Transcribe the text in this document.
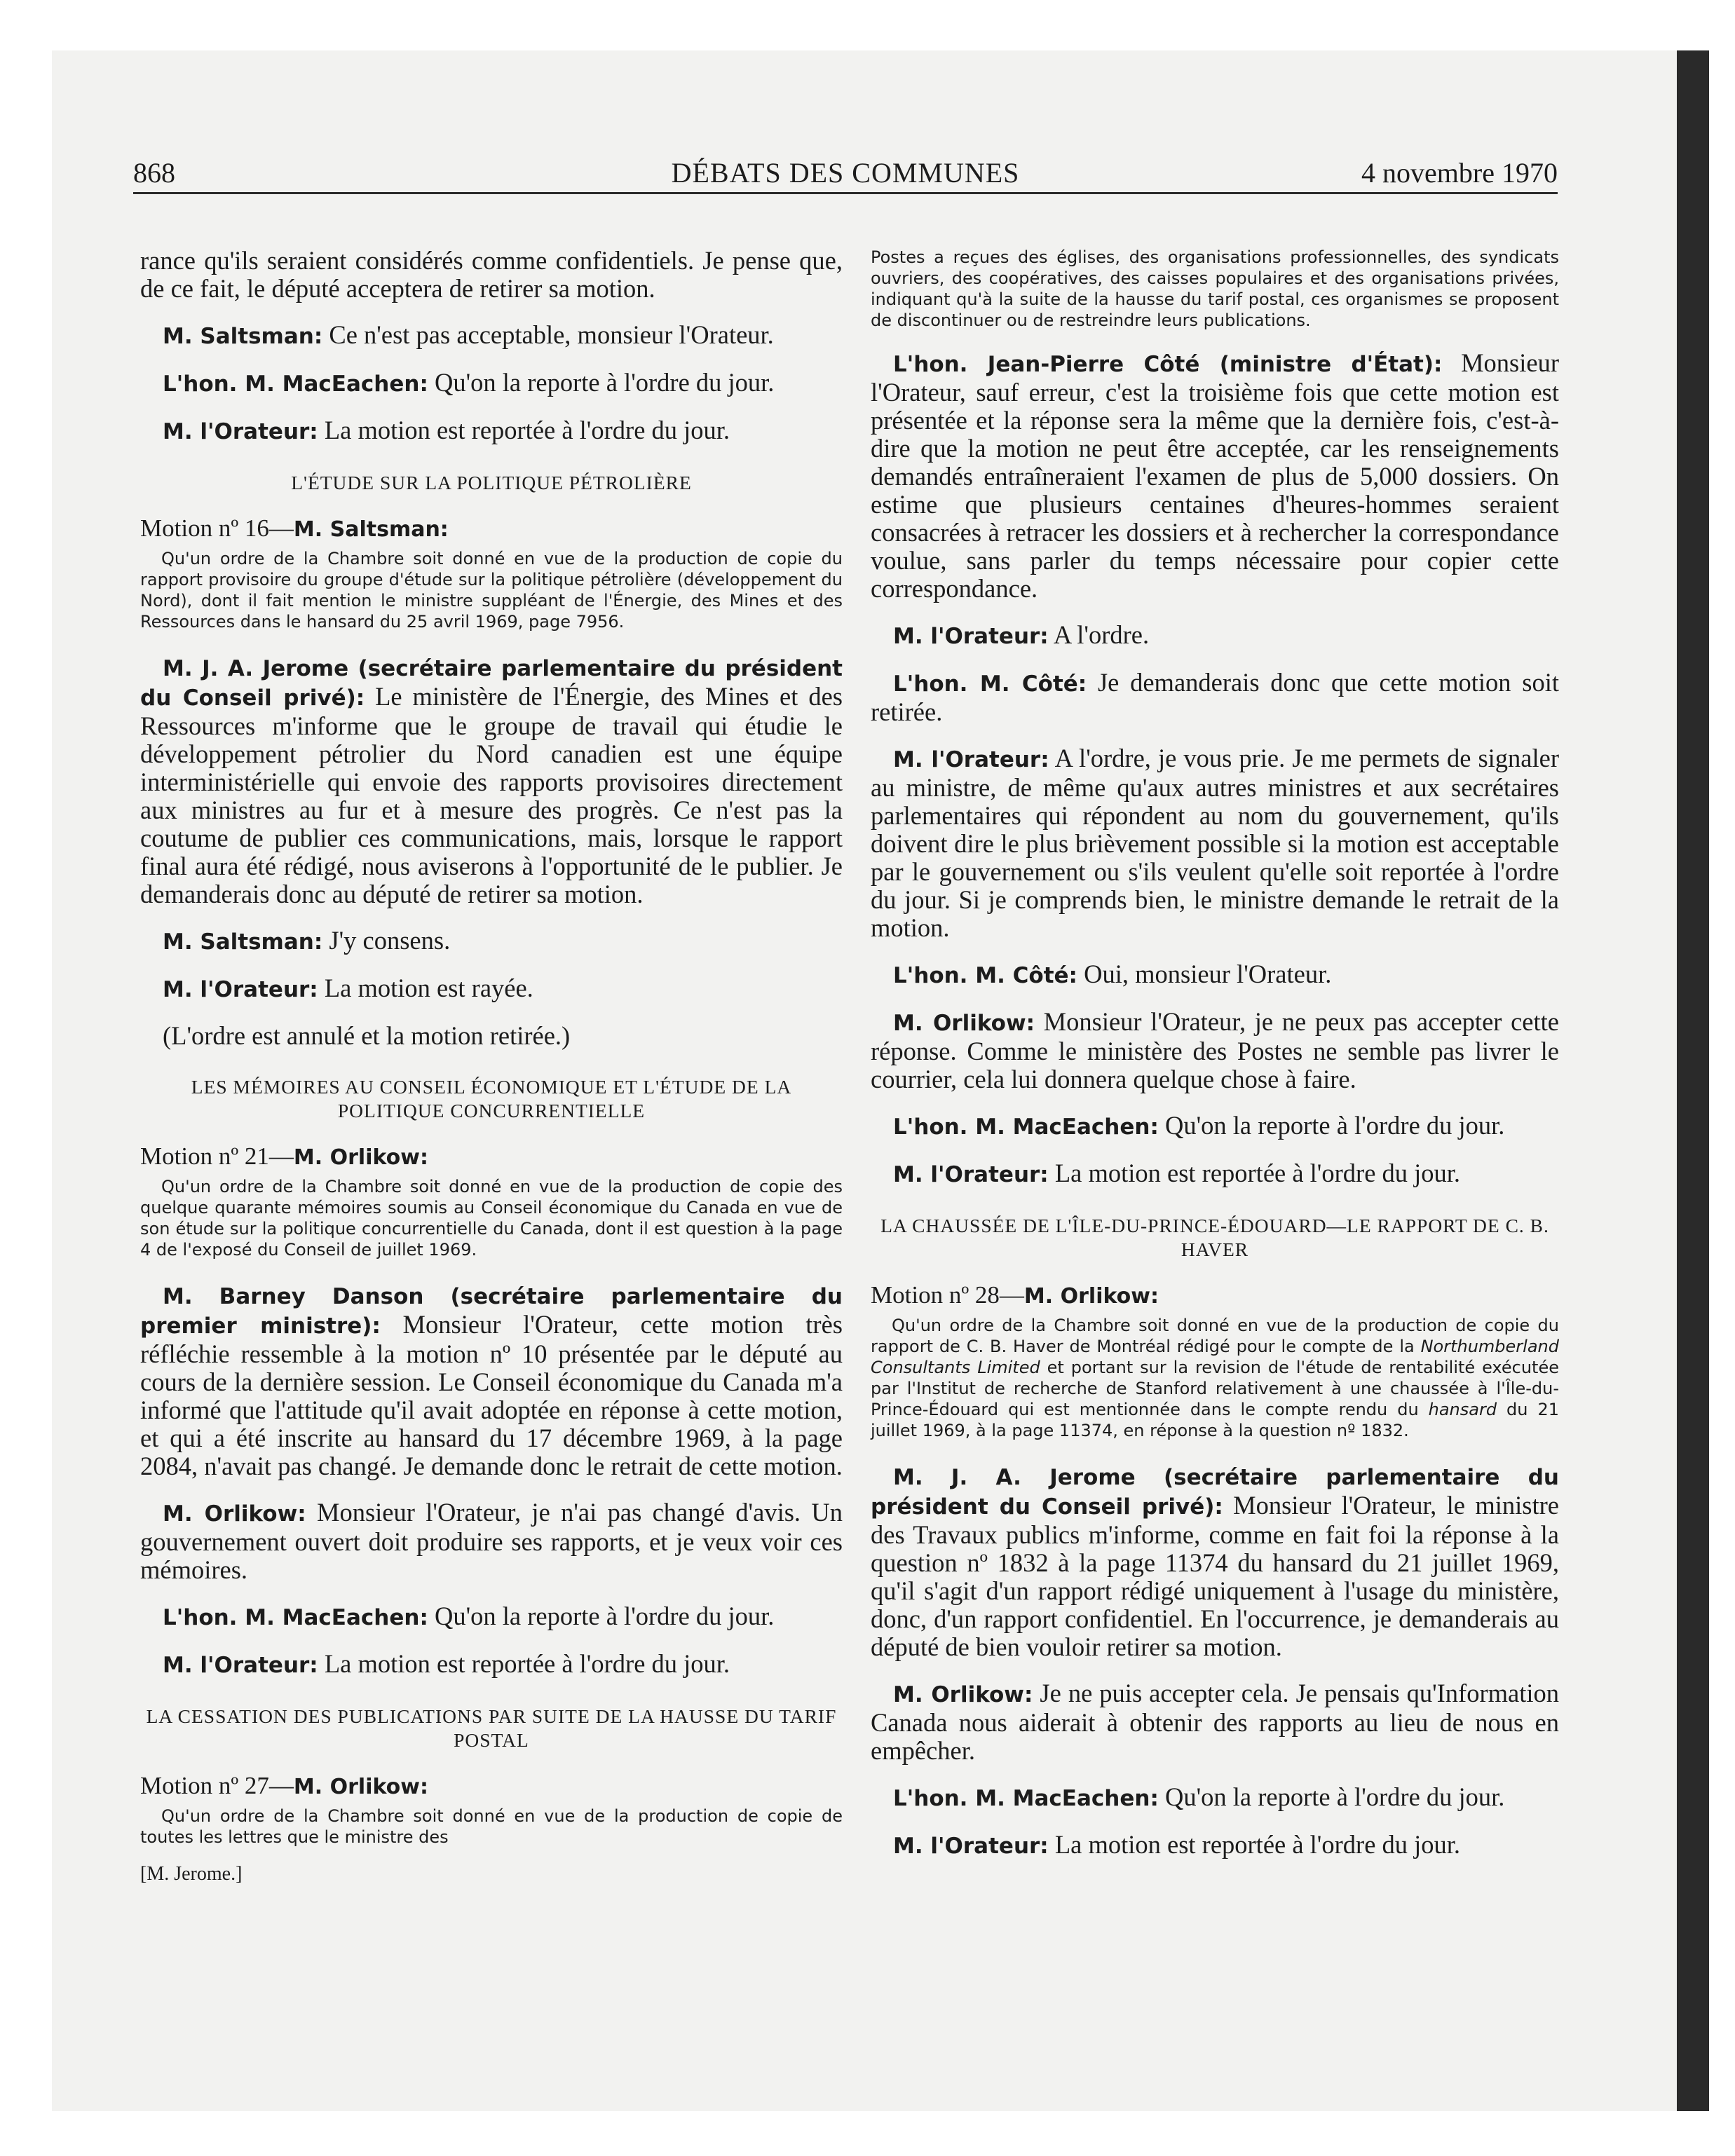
868	DÉBATS DES COMMUNES	4 novembre 1970

rance qu'ils seraient considérés comme confidentiels. Je pense que, de ce fait, le député acceptera de retirer sa motion.

M. Saltsman: Ce n'est pas acceptable, monsieur l'Orateur.

L'hon. M. MacEachen: Qu'on la reporte à l'ordre du jour.

M. l'Orateur: La motion est reportée à l'ordre du jour.

L'ÉTUDE SUR LA POLITIQUE PÉTROLIÈRE

Motion nº 16—M. Saltsman:

Qu'un ordre de la Chambre soit donné en vue de la production de copie du rapport provisoire du groupe d'étude sur la politique pétrolière (développement du Nord), dont il fait mention le ministre suppléant de l'Énergie, des Mines et des Ressources dans le hansard du 25 avril 1969, page 7956.

M. J. A. Jerome (secrétaire parlementaire du président du Conseil privé): Le ministère de l'Énergie, des Mines et des Ressources m'informe que le groupe de travail qui étudie le développement pétrolier du Nord canadien est une équipe interministérielle qui envoie des rapports provisoires directement aux ministres au fur et à mesure des progrès. Ce n'est pas la coutume de publier ces communications, mais, lorsque le rapport final aura été rédigé, nous aviserons à l'opportunité de le publier. Je demanderais donc au député de retirer sa motion.

M. Saltsman: J'y consens.

M. l'Orateur: La motion est rayée.

(L'ordre est annulé et la motion retirée.)

LES MÉMOIRES AU CONSEIL ÉCONOMIQUE ET L'ÉTUDE DE LA POLITIQUE CONCURRENTIELLE

Motion nº 21—M. Orlikow:

Qu'un ordre de la Chambre soit donné en vue de la production de copie des quelque quarante mémoires soumis au Conseil économique du Canada en vue de son étude sur la politique concurrentielle du Canada, dont il est question à la page 4 de l'exposé du Conseil de juillet 1969.

M. Barney Danson (secrétaire parlementaire du premier ministre): Monsieur l'Orateur, cette motion très réfléchie ressemble à la motion nº 10 présentée par le député au cours de la dernière session. Le Conseil économique du Canada m'a informé que l'attitude qu'il avait adoptée en réponse à cette motion, et qui a été inscrite au hansard du 17 décembre 1969, à la page 2084, n'avait pas changé. Je demande donc le retrait de cette motion.

M. Orlikow: Monsieur l'Orateur, je n'ai pas changé d'avis. Un gouvernement ouvert doit produire ses rapports, et je veux voir ces mémoires.

L'hon. M. MacEachen: Qu'on la reporte à l'ordre du jour.

M. l'Orateur: La motion est reportée à l'ordre du jour.

LA CESSATION DES PUBLICATIONS PAR SUITE DE LA HAUSSE DU TARIF POSTAL

Motion nº 27—M. Orlikow:

Qu'un ordre de la Chambre soit donné en vue de la production de copie de toutes les lettres que le ministre des

[M. Jerome.]

Postes a reçues des églises, des organisations professionnelles, des syndicats ouvriers, des coopératives, des caisses populaires et des organisations privées, indiquant qu'à la suite de la hausse du tarif postal, ces organismes se proposent de discontinuer ou de restreindre leurs publications.

L'hon. Jean-Pierre Côté (ministre d'État): Monsieur l'Orateur, sauf erreur, c'est la troisième fois que cette motion est présentée et la réponse sera la même que la dernière fois, c'est-à-dire que la motion ne peut être acceptée, car les renseignements demandés entraîneraient l'examen de plus de 5,000 dossiers. On estime que plusieurs centaines d'heures-hommes seraient consacrées à retracer les dossiers et à rechercher la correspondance voulue, sans parler du temps nécessaire pour copier cette correspondance.

M. l'Orateur: A l'ordre.

L'hon. M. Côté: Je demanderais donc que cette motion soit retirée.

M. l'Orateur: A l'ordre, je vous prie. Je me permets de signaler au ministre, de même qu'aux autres ministres et aux secrétaires parlementaires qui répondent au nom du gouvernement, qu'ils doivent dire le plus brièvement possible si la motion est acceptable par le gouvernement ou s'ils veulent qu'elle soit reportée à l'ordre du jour. Si je comprends bien, le ministre demande le retrait de la motion.

L'hon. M. Côté: Oui, monsieur l'Orateur.

M. Orlikow: Monsieur l'Orateur, je ne peux pas accepter cette réponse. Comme le ministère des Postes ne semble pas livrer le courrier, cela lui donnera quelque chose à faire.

L'hon. M. MacEachen: Qu'on la reporte à l'ordre du jour.

M. l'Orateur: La motion est reportée à l'ordre du jour.

LA CHAUSSÉE DE L'ÎLE-DU-PRINCE-ÉDOUARD—LE RAPPORT DE C. B. HAVER

Motion nº 28—M. Orlikow:

Qu'un ordre de la Chambre soit donné en vue de la production de copie du rapport de C. B. Haver de Montréal rédigé pour le compte de la Northumberland Consultants Limited et portant sur la revision de l'étude de rentabilité exécutée par l'Institut de recherche de Stanford relativement à une chaussée à l'Île-du-Prince-Édouard qui est mentionnée dans le compte rendu du hansard du 21 juillet 1969, à la page 11374, en réponse à la question nº 1832.

M. J. A. Jerome (secrétaire parlementaire du président du Conseil privé): Monsieur l'Orateur, le ministre des Travaux publics m'informe, comme en fait foi la réponse à la question nº 1832 à la page 11374 du hansard du 21 juillet 1969, qu'il s'agit d'un rapport rédigé uniquement à l'usage du ministère, donc, d'un rapport confidentiel. En l'occurrence, je demanderais au député de bien vouloir retirer sa motion.

M. Orlikow: Je ne puis accepter cela. Je pensais qu'Information Canada nous aiderait à obtenir des rapports au lieu de nous en empêcher.

L'hon. M. MacEachen: Qu'on la reporte à l'ordre du jour.

M. l'Orateur: La motion est reportée à l'ordre du jour.
